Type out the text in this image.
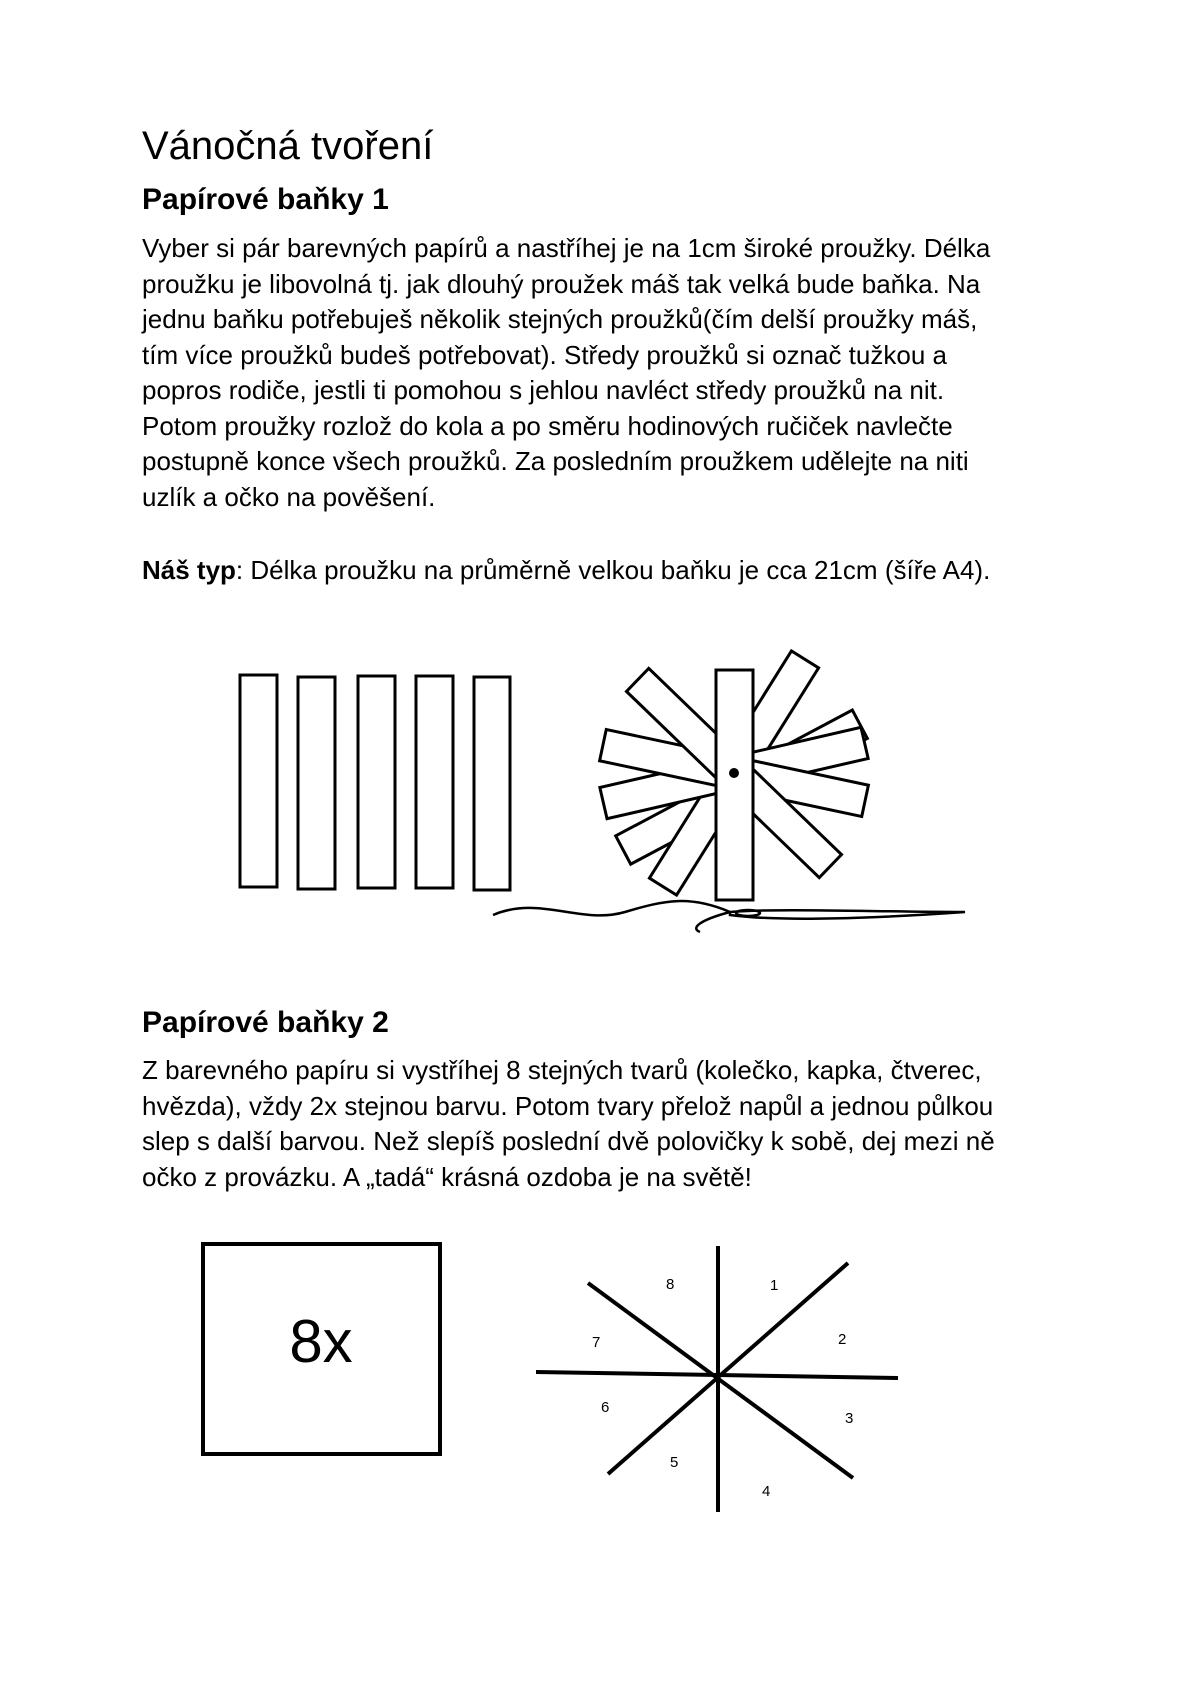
Vánočná tvoření
Papírové baňky 1
Vyber si pár barevných papírů a nastříhej je na 1cm široké proužky. Délka
proužku je libovolná tj. jak dlouhý proužek máš tak velká bude baňka. Na
jednu baňku potřebuješ několik stejných proužků(čím delší proužky máš,
tím více proužků budeš potřebovat). Středy proužků si označ tužkou a
popros rodiče, jestli ti pomohou s jehlou navléct středy proužků na nit.
Potom proužky rozlož do kola a po směru hodinových ručiček navlečte
postupně konce všech proužků. Za posledním proužkem udělejte na niti
uzlík a očko na pověšení.

Náš typ: Délka proužku na průměrně velkou baňku je cca 21cm (šíře A4).

Papírové baňky 2
Z barevného papíru si vystříhej 8 stejných tvarů (kolečko, kapka, čtverec,
hvězda), vždy 2x stejnou barvu. Potom tvary přelož napůl a jednou půlkou
slep s další barvou. Než slepíš poslední dvě polovičky k sobě, dej mezi ně
očko z provázku. A „tadá“ krásná ozdoba je na světě!
8x
1
2
3
4
5
6
7
8
